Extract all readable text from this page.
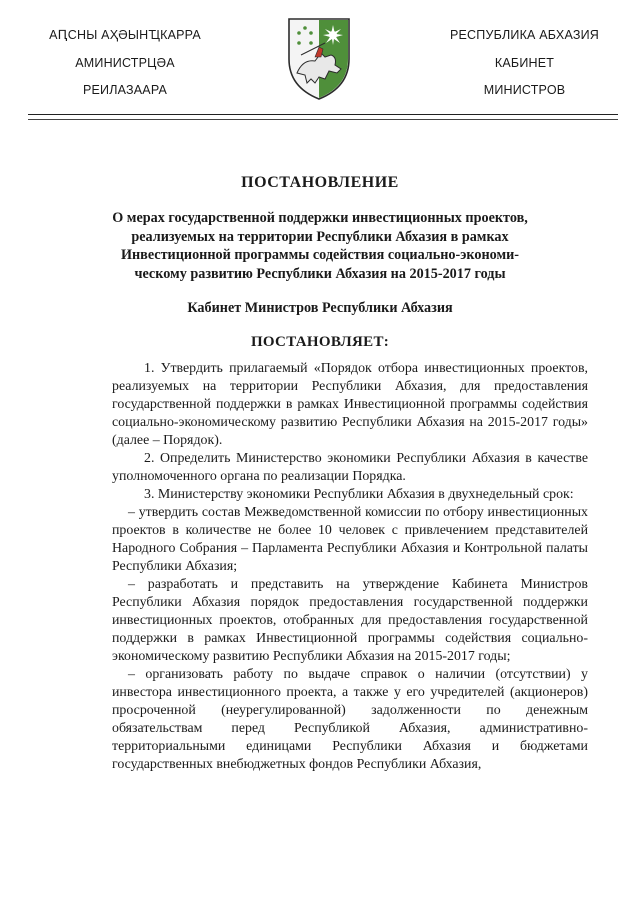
АԤСНЫ АҲӘЫНҴКАРРА
АМИНИСТРЦӘА
РЕИЛАЗААРА
РЕСПУБЛИКА АБХАЗИЯ
КАБИНЕТ
МИНИСТРОВ
ПОСТАНОВЛЕНИЕ
О мерах государственной поддержки инвестиционных проектов,
реализуемых на территории Республики Абхазия в рамках
Инвестиционной программы содействия социально-экономи-
ческому развитию Республики Абхазия на 2015-2017 годы
Кабинет Министров Республики Абхазия
ПОСТАНОВЛЯЕТ:

1. Утвердить прилагаемый «Порядок отбора инвестиционных проектов, реализуемых на территории Республики Абхазия, для предоставления государственной поддержки в рамках Инвестиционной программы содействия социально-экономическому развитию Республики Абхазия на 2015-2017 годы» (далее – Порядок).

2. Определить Министерство экономики Республики Абхазия в качестве уполномоченного органа по реализации Порядка.

3. Министерству экономики Республики Абхазия в двухнедельный срок:

– утвердить состав Межведомственной комиссии по отбору инвестиционных проектов в количестве не более 10 человек с привлечением представителей Народного Собрания – Парламента Республики Абхазия и Контрольной палаты Республики Абхазия;

– разработать и представить на утверждение Кабинета Министров Республики Абхазия порядок предоставления государственной поддержки инвестиционных проектов, отобранных для предоставления государственной поддержки в рамках Инвестиционной программы содействия социально-экономическому развитию Республики Абхазия на 2015-2017 годы;

– организовать работу по выдаче справок о наличии (отсутствии) у инвестора инвестиционного проекта, а также у его учредителей (акционеров) просроченной (неурегулированной) задолженности по денежным обязательствам перед Республикой Абхазия, административно-территориальными единицами Республики Абхазия и бюджетами государственных внебюджетных фондов Республики Абхазия,
